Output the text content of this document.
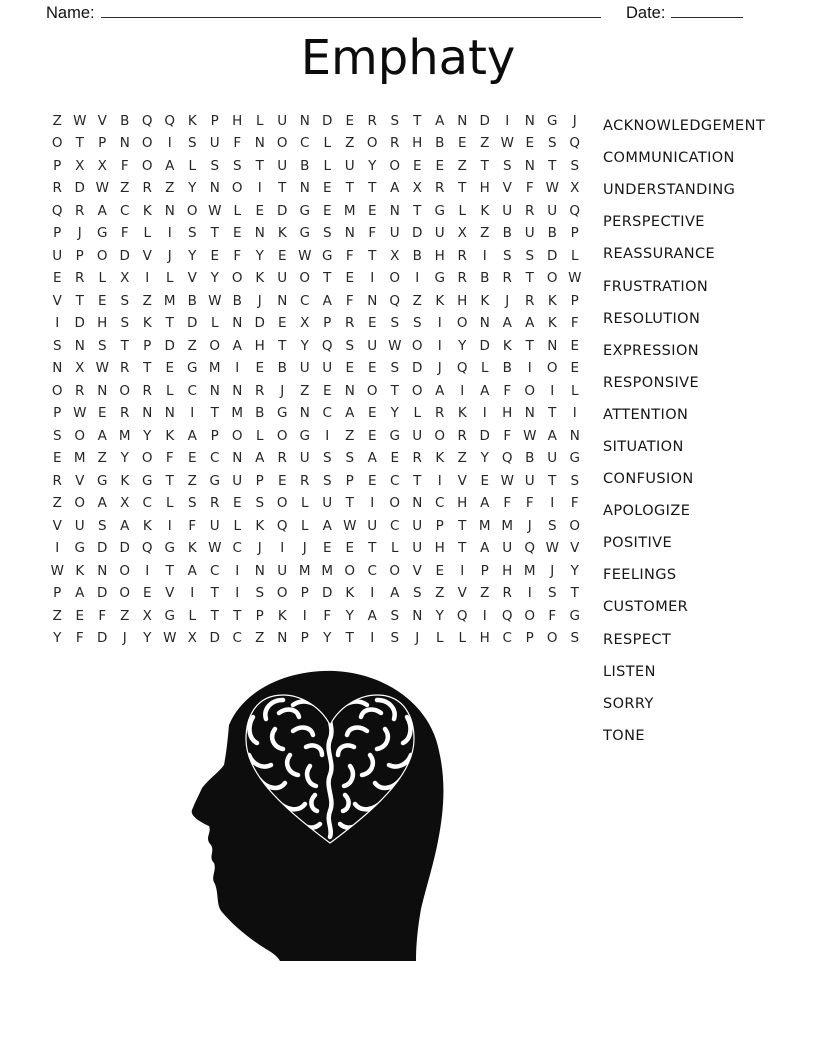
Name:	Date:
Emphaty
Z W V B Q Q K	P H	L	U N D E	R	S	T	A N D	I	N G	J
O T	P N O	I	S U	F	N O C	L	Z O R H B	E	Z W E	S Q
P	X X	F O A	L	S	S	T U B	L	U Y O E	E	Z	T	S N T	S
R D W Z R Z	Y N O	I	T N E	T	T	A X R	T H V	F W X
Q R A C K N O W L	E D G E M E N T G	L	K U R U Q
P	J	G F	L	I	S	T	E N K G S N	F	U D U X Z B U B	P
U P O D V	J	Y	E	F	Y	E W G F	T	X B H R	I	S	S D	L
E	R	L	X	I	L	V	Y O K U O T	E	I	O	I	G R B R	T O W
V	T	E	S	Z M B W B	J	N C A	F	N Q Z K H K	J	R K	P
I	D H S	K	T D	L	N D E	X	P	R	E	S	S	I	O N A A K	F
S N S	T	P D Z O A H T	Y Q S U W O	I	Y D K	T N E
N X W R	T	E G M	I	E	B U U E	E	S D	J	Q L	B	I	O E
O R N O R	L	C N N R	J	Z	E N O T O A	I	A	F O	I	L
P W E	R N N	I	T M B G N C A	E	Y	L	R K	I	H N T	I
S O A M Y	K A	P O L O G	I	Z	E G U O R D F W A N
E M Z	Y O F	E	C N A R U S	S	A	E	R K Z	Y Q B U G
R V G K G T	Z G U P	E	R	S	P	E	C	T	I	V	E W U T	S
Z O A X C	L	S	R	E	S O L	U T	I	O N C H A	F	F	I	F
V U S	A K	I	F	U	L	K Q L	A W U C U P	T M M	J	S O
I	G D D Q G K W C	J	I	J	E	E	T	L	U H T	A U Q W V
W K N O	I	T	A C	I	N U M M O C O V	E	I	P H M	J	Y
P	A D O E	V	I	T	I	S O P D K	I	A	S	Z V Z R	I	S	T
Z	E	F	Z X G	L	T	T	P	K	I	F	Y	A	S N Y Q	I	Q O F G
Y	F D	J	Y W X D C Z N P	Y	T	I	S	J	L	L	H C	P O S
ACKNOWLEDGEMENT
COMMUNICATION
UNDERSTANDING
PERSPECTIVE
REASSURANCE
FRUSTRATION
RESOLUTION
EXPRESSION
RESPONSIVE
ATTENTION
SITUATION
CONFUSION
APOLOGIZE
POSITIVE
FEELINGS
CUSTOMER
RESPECT
LISTEN
SORRY
TONE
